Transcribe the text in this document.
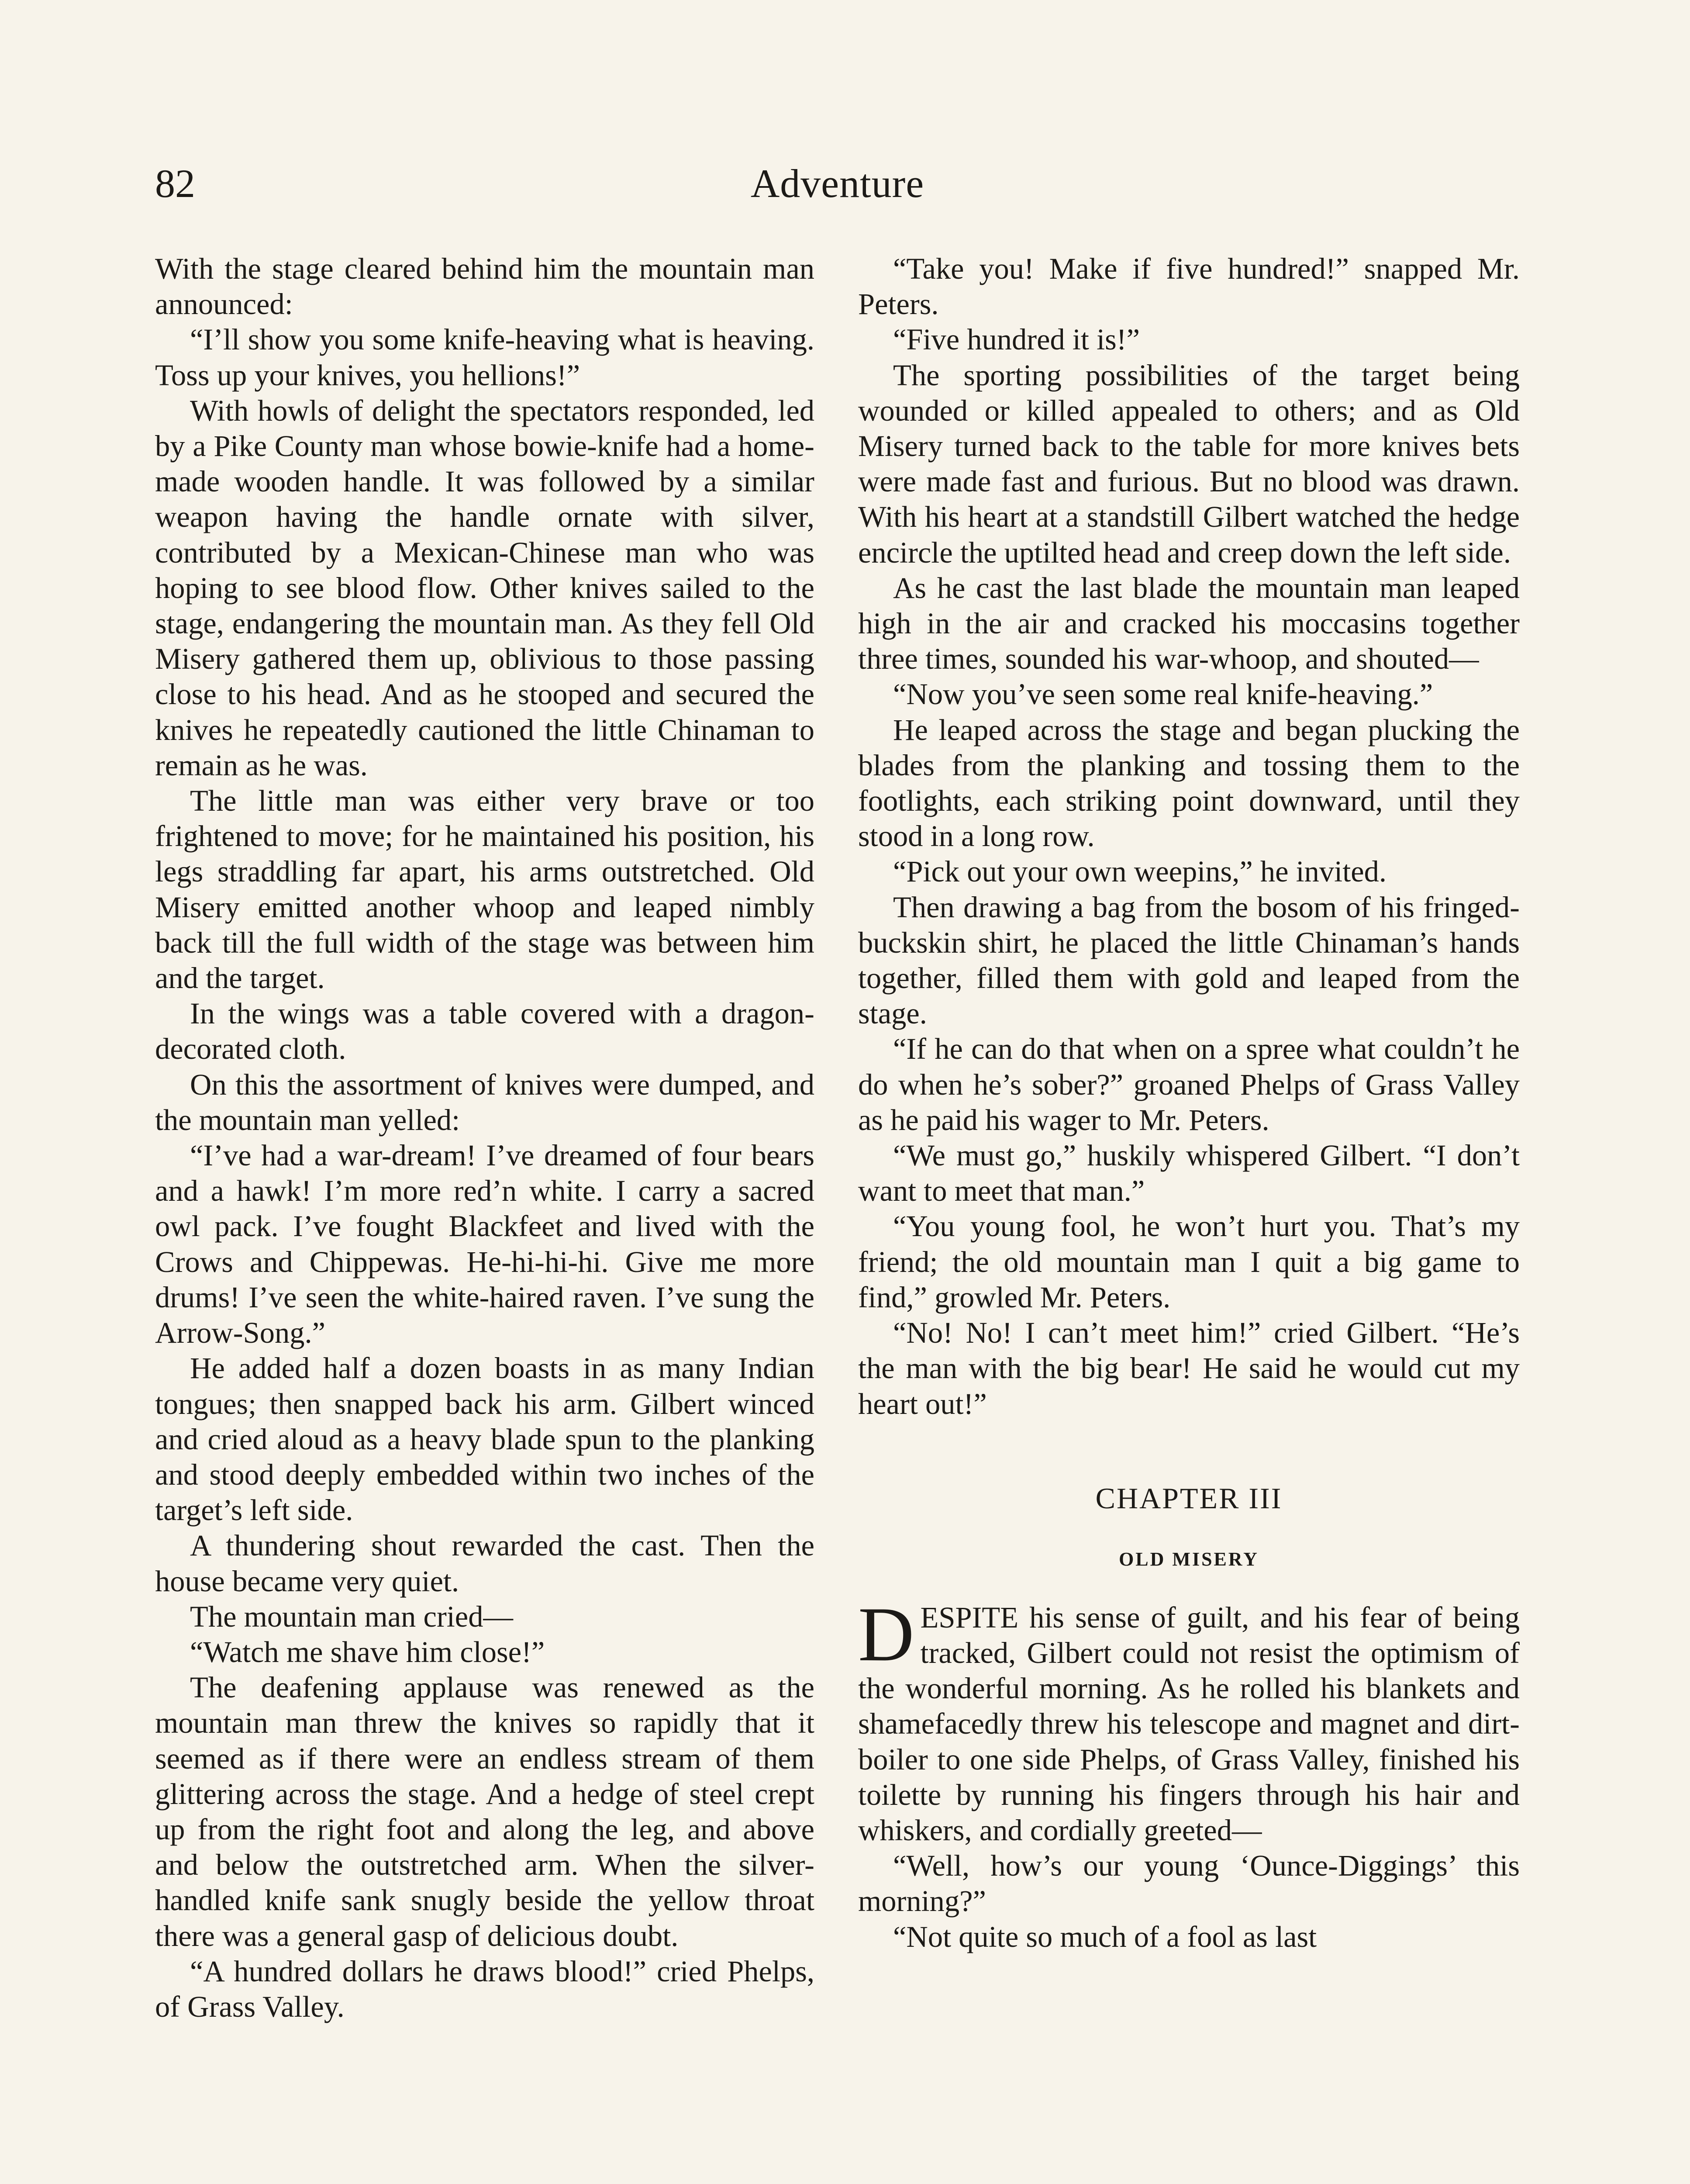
82	Adventure

With the stage cleared behind him the mountain man announced:

“I’ll show you some knife-heaving what is heaving. Toss up your knives, you hellions!”

With howls of delight the spectators responded, led by a Pike County man whose bowie-knife had a home-made wooden handle. It was followed by a similar weapon having the handle ornate with silver, contributed by a Mexican-Chinese man who was hoping to see blood flow. Other knives sailed to the stage, endangering the mountain man. As they fell Old Misery gathered them up, oblivious to those passing close to his head. And as he stooped and secured the knives he repeatedly cautioned the little Chinaman to remain as he was.

The little man was either very brave or too frightened to move; for he maintained his position, his legs straddling far apart, his arms outstretched. Old Misery emitted another whoop and leaped nimbly back till the full width of the stage was between him and the target.

In the wings was a table covered with a dragon-decorated cloth.

On this the assortment of knives were dumped, and the mountain man yelled:

“I’ve had a war-dream! I’ve dreamed of four bears and a hawk! I’m more red’n white. I carry a sacred owl pack. I’ve fought Blackfeet and lived with the Crows and Chippewas. He-hi-hi-hi. Give me more drums! I’ve seen the white-haired raven. I’ve sung the Arrow-Song.”

He added half a dozen boasts in as many Indian tongues; then snapped back his arm. Gilbert winced and cried aloud as a heavy blade spun to the planking and stood deeply embedded within two inches of the target’s left side.

A thundering shout rewarded the cast. Then the house became very quiet.

The mountain man cried—

“Watch me shave him close!”

The deafening applause was renewed as the mountain man threw the knives so rapidly that it seemed as if there were an endless stream of them glittering across the stage. And a hedge of steel crept up from the right foot and along the leg, and above and below the outstretched arm. When the silver-handled knife sank snugly beside the yellow throat there was a general gasp of delicious doubt.

“A hundred dollars he draws blood!” cried Phelps, of Grass Valley.

“Take you! Make if five hundred!” snapped Mr. Peters.

“Five hundred it is!”

The sporting possibilities of the target being wounded or killed appealed to others; and as Old Misery turned back to the table for more knives bets were made fast and furious. But no blood was drawn. With his heart at a standstill Gilbert watched the hedge encircle the uptilted head and creep down the left side.

As he cast the last blade the mountain man leaped high in the air and cracked his moccasins together three times, sounded his war-whoop, and shouted—

“Now you’ve seen some real knife-heaving.”

He leaped across the stage and began plucking the blades from the planking and tossing them to the footlights, each striking point downward, until they stood in a long row.

“Pick out your own weepins,” he invited.

Then drawing a bag from the bosom of his fringed-buckskin shirt, he placed the little Chinaman’s hands together, filled them with gold and leaped from the stage.

“If he can do that when on a spree what couldn’t he do when he’s sober?” groaned Phelps of Grass Valley as he paid his wager to Mr. Peters.

“We must go,” huskily whispered Gilbert. “I don’t want to meet that man.”

“You young fool, he won’t hurt you. That’s my friend; the old mountain man I quit a big game to find,” growled Mr. Peters.

“No! No! I can’t meet him!” cried Gilbert. “He’s the man with the big bear! He said he would cut my heart out!”

CHAPTER III

OLD MISERY

DESPITE his sense of guilt, and his fear of being tracked, Gilbert could not resist the optimism of the wonderful morning. As he rolled his blankets and shamefacedly threw his telescope and magnet and dirt-boiler to one side Phelps, of Grass Valley, finished his toilette by running his fingers through his hair and whiskers, and cordially greeted—

“Well, how’s our young ‘Ounce-Diggings’ this morning?”

“Not quite so much of a fool as last
